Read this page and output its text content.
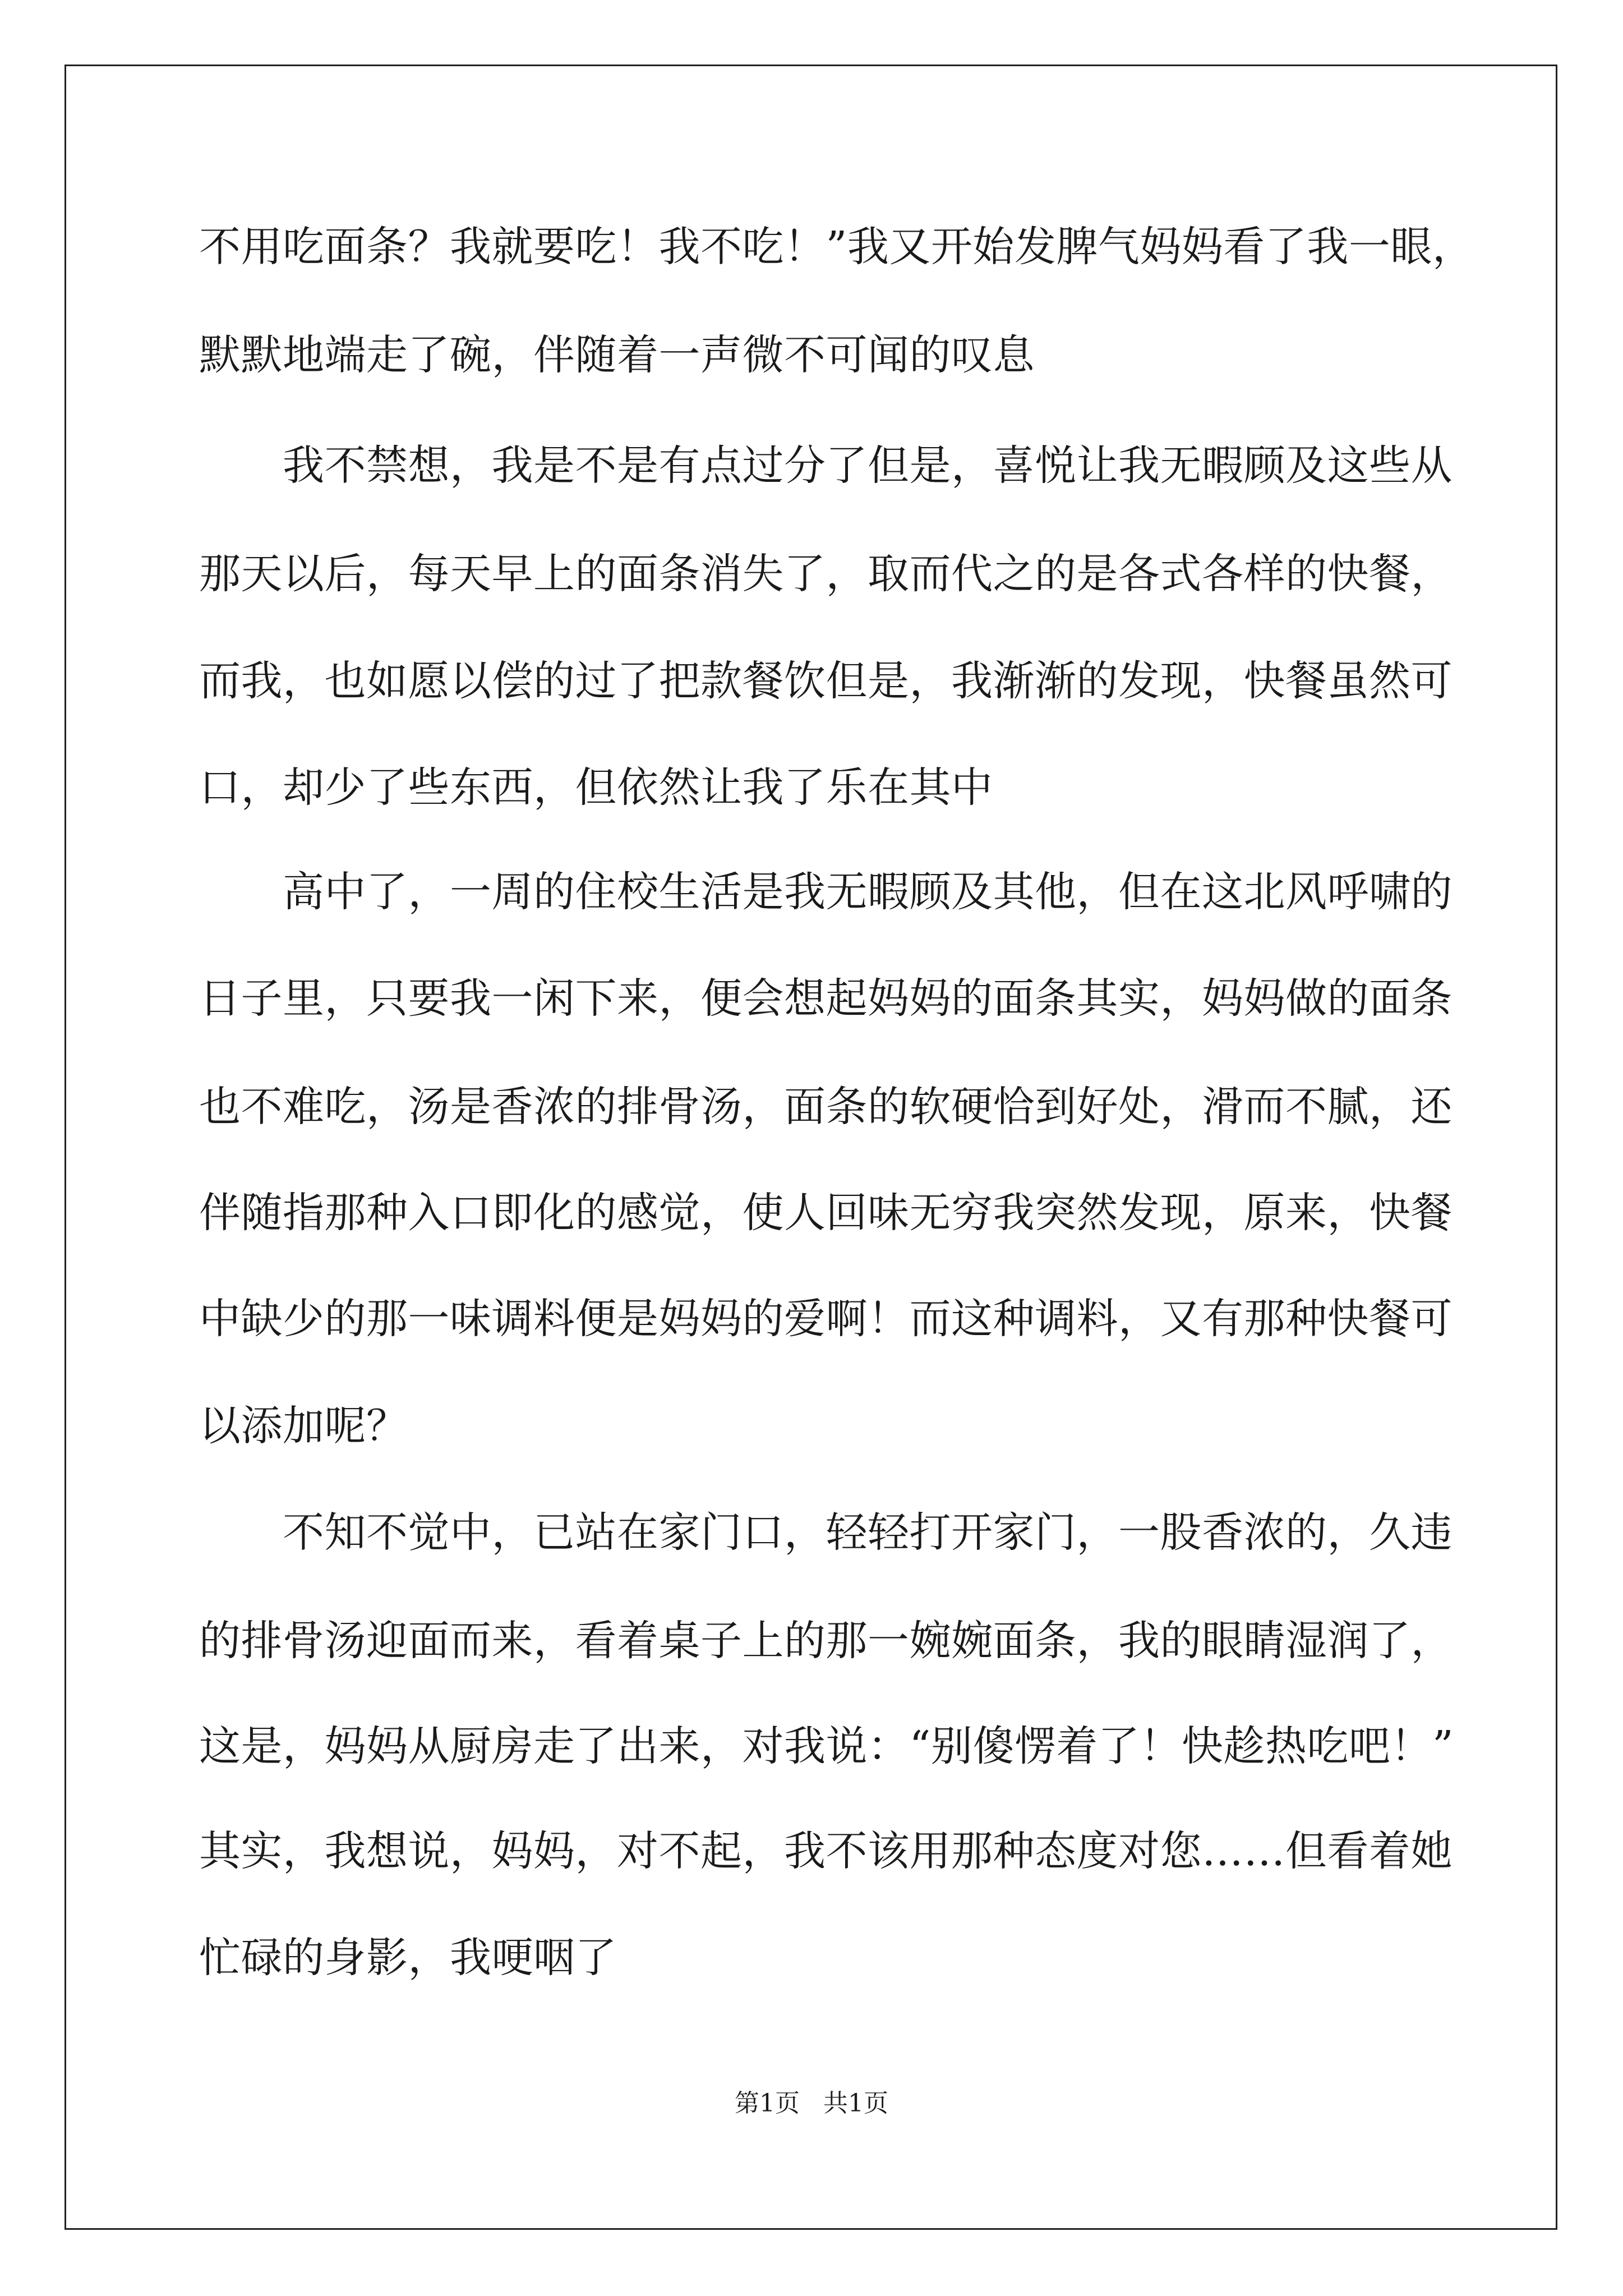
不用吃面条？我就要吃！我不吃！”我又开始发脾气妈妈看了我一眼，
默默地端走了碗，伴随着一声微不可闻的叹息
　　我不禁想，我是不是有点过分了但是，喜悦让我无暇顾及这些从
那天以后，每天早上的面条消失了，取而代之的是各式各样的快餐，
而我，也如愿以偿的过了把款餐饮但是，我渐渐的发现，快餐虽然可
口，却少了些东西，但依然让我了乐在其中
　　高中了，一周的住校生活是我无暇顾及其他，但在这北风呼啸的
日子里，只要我一闲下来，便会想起妈妈的面条其实，妈妈做的面条
也不难吃，汤是香浓的排骨汤，面条的软硬恰到好处，滑而不腻，还
伴随指那种入口即化的感觉，使人回味无穷我突然发现，原来，快餐
中缺少的那一味调料便是妈妈的爱啊！而这种调料，又有那种快餐可
以添加呢？
　　不知不觉中，已站在家门口，轻轻打开家门，一股香浓的，久违
的排骨汤迎面而来，看着桌子上的那一婉婉面条，我的眼睛湿润了，
这是，妈妈从厨房走了出来，对我说：“别傻愣着了！快趁热吃吧！”
其实，我想说，妈妈，对不起，我不该用那种态度对您……但看着她
忙碌的身影，我哽咽了
第1页   共1页
